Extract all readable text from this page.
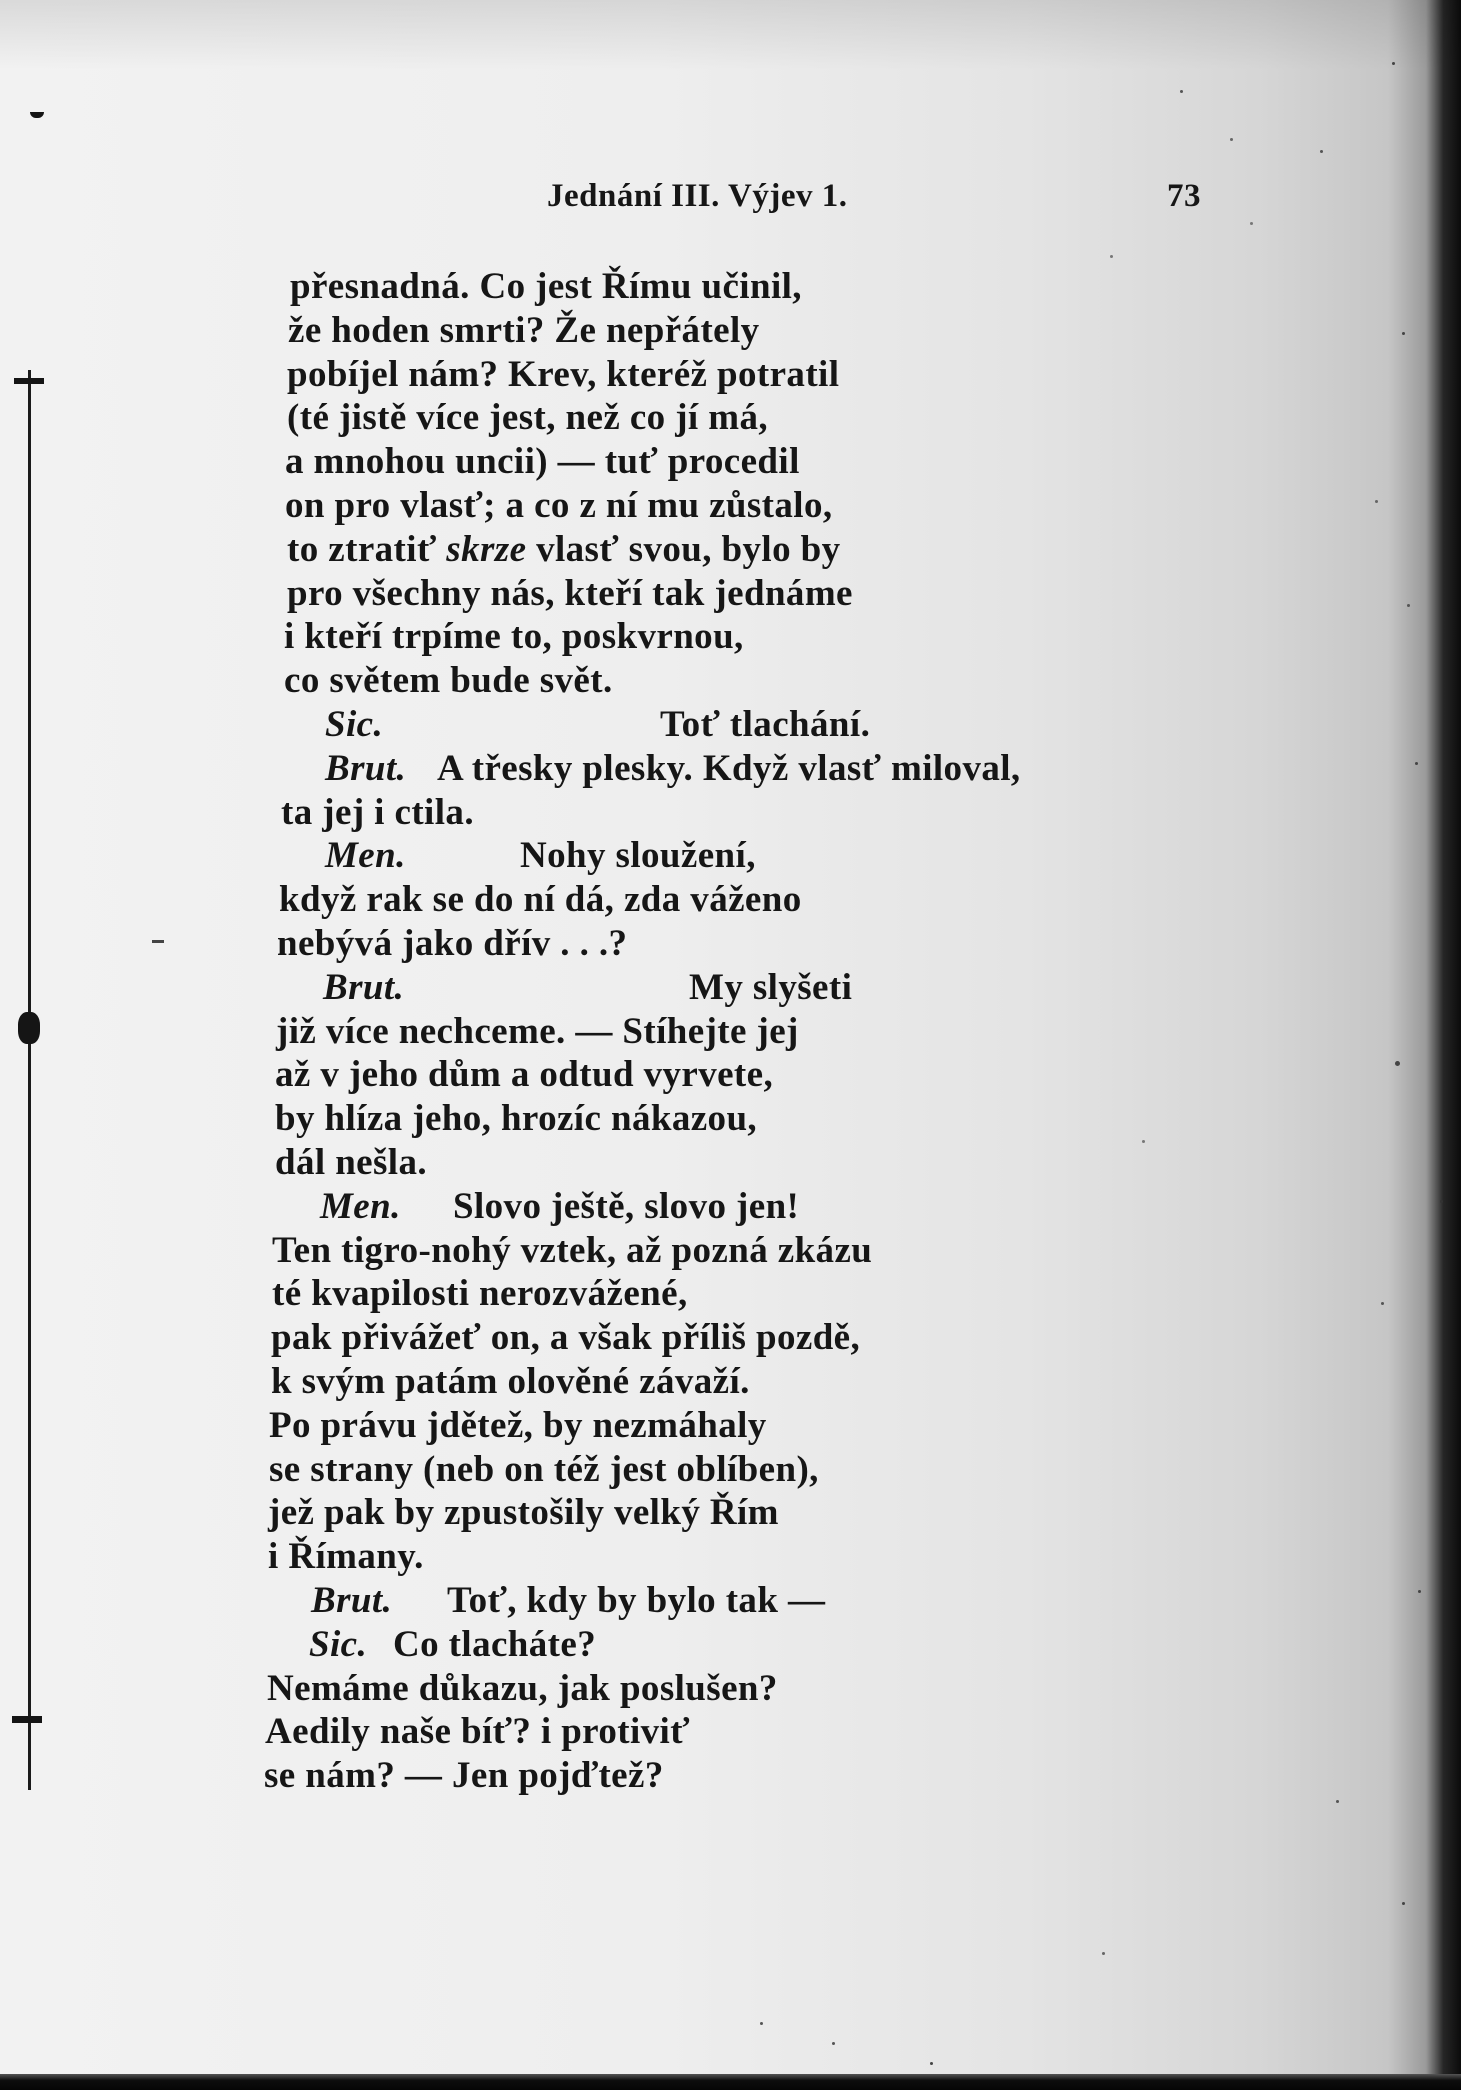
Jednání III. Výjev 1.	73
přesnadná. Co jest Římu učinil,
že hoden smrti? Že nepřátely
pobíjel nám? Krev, kteréž potratil
(té jistě více jest, než co jí má,
a mnohou uncii) — tuť procedil
on pro vlasť; a co z ní mu zůstalo,
to ztratiť skrze vlasť svou, bylo by
pro všechny nás, kteří tak jednáme
i kteří trpíme to, poskvrnou,
co světem bude svět.
Sic.	Toť tlachání.
Brut. A třesky plesky. Když vlasť miloval,
ta jej i ctila.
Men.	Nohy sloužení,
když rak se do ní dá, zda váženo
nebývá jako dřív . . .?
Brut.	My slyšeti
již více nechceme. — Stíhejte jej
až v jeho dům a odtud vyrvete,
by hlíza jeho, hrozíc nákazou,
dál nešla.
Men. Slovo ještě, slovo jen!
Ten tigro-nohý vztek, až pozná zkázu
té kvapilosti nerozvážené,
pak přivážeť on, a však příliš pozdě,
k svým patám olověné závaží.
Po právu jdětež, by nezmáhaly
se strany (neb on též jest oblíben),
jež pak by zpustošily velký Řím
i Římany.
Brut. Toť, kdy by bylo tak —
Sic. Co tlacháte?
Nemáme důkazu, jak poslušen?
Aedily naše bíť? i protiviť
se nám? — Jen pojďtež?
